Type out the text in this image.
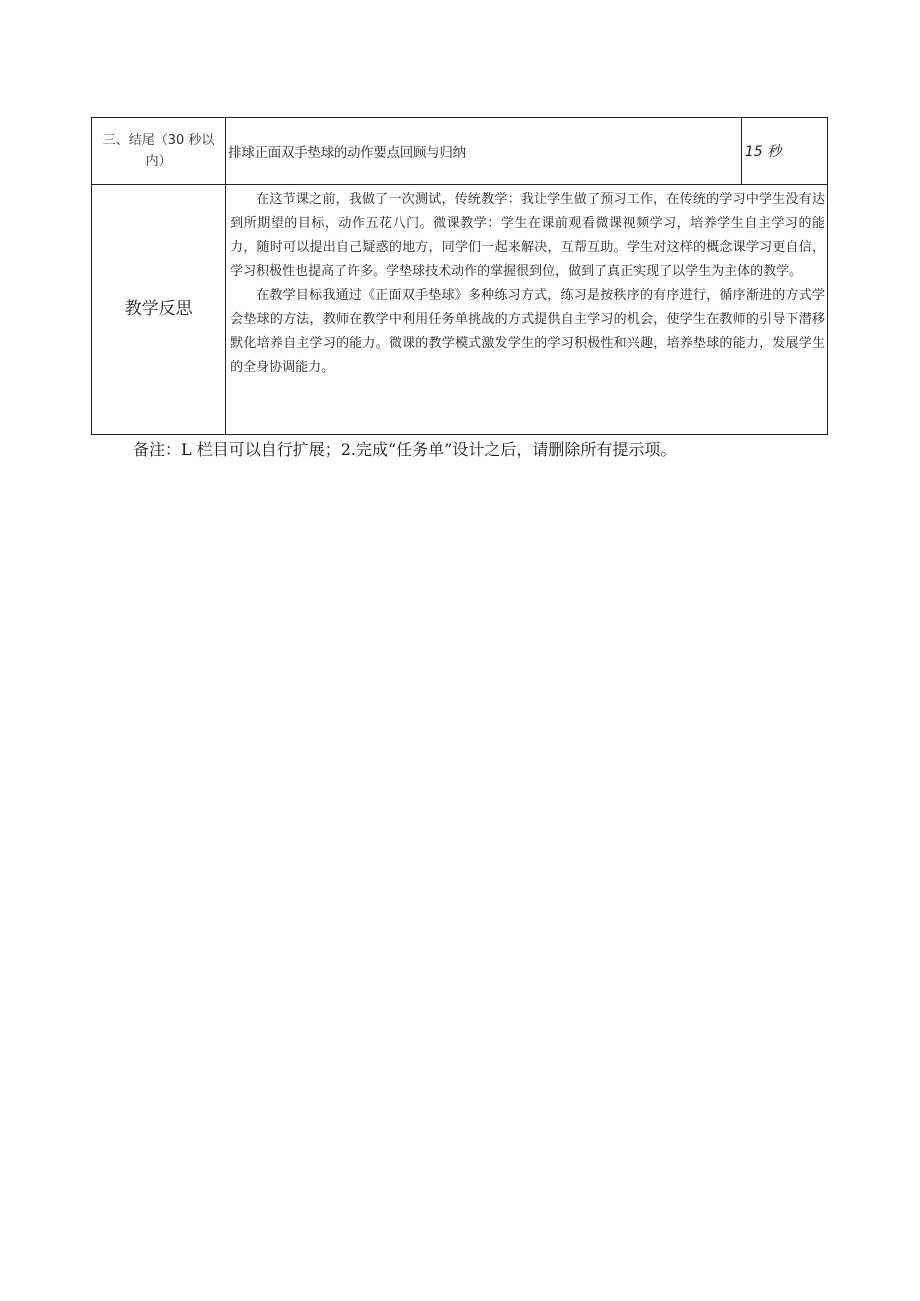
三、结尾（30 秒以内）	排球正面双手垫球的动作要点回顾与归纳	15 秒
教学反思	在这节课之前，我做了一次测试，传统教学：我让学生做了预习工作，在传统的学习中学生没有达到所期望的目标，动作五花八门。微课教学：学生在课前观看微课视频学习，培养学生自主学习的能力，随时可以提出自己疑惑的地方，同学们一起来解决，互帮互助。学生对这样的概念课学习更自信，学习积极性也提高了许多。学垫球技术动作的掌握很到位，做到了真正实现了以学生为主体的教学。

在教学目标我通过《正面双手垫球》多种练习方式，练习是按秩序的有序进行，循序渐进的方式学会垫球的方法，教师在教学中利用任务单挑战的方式提供自主学习的机会，使学生在教师的引导下潜移默化培养自主学习的能力。微课的教学模式激发学生的学习积极性和兴趣，培养垫球的能力，发展学生的全身协调能力。	

备注：L 栏目可以自行扩展；2.完成“任务单”设计之后，请删除所有提示项。
